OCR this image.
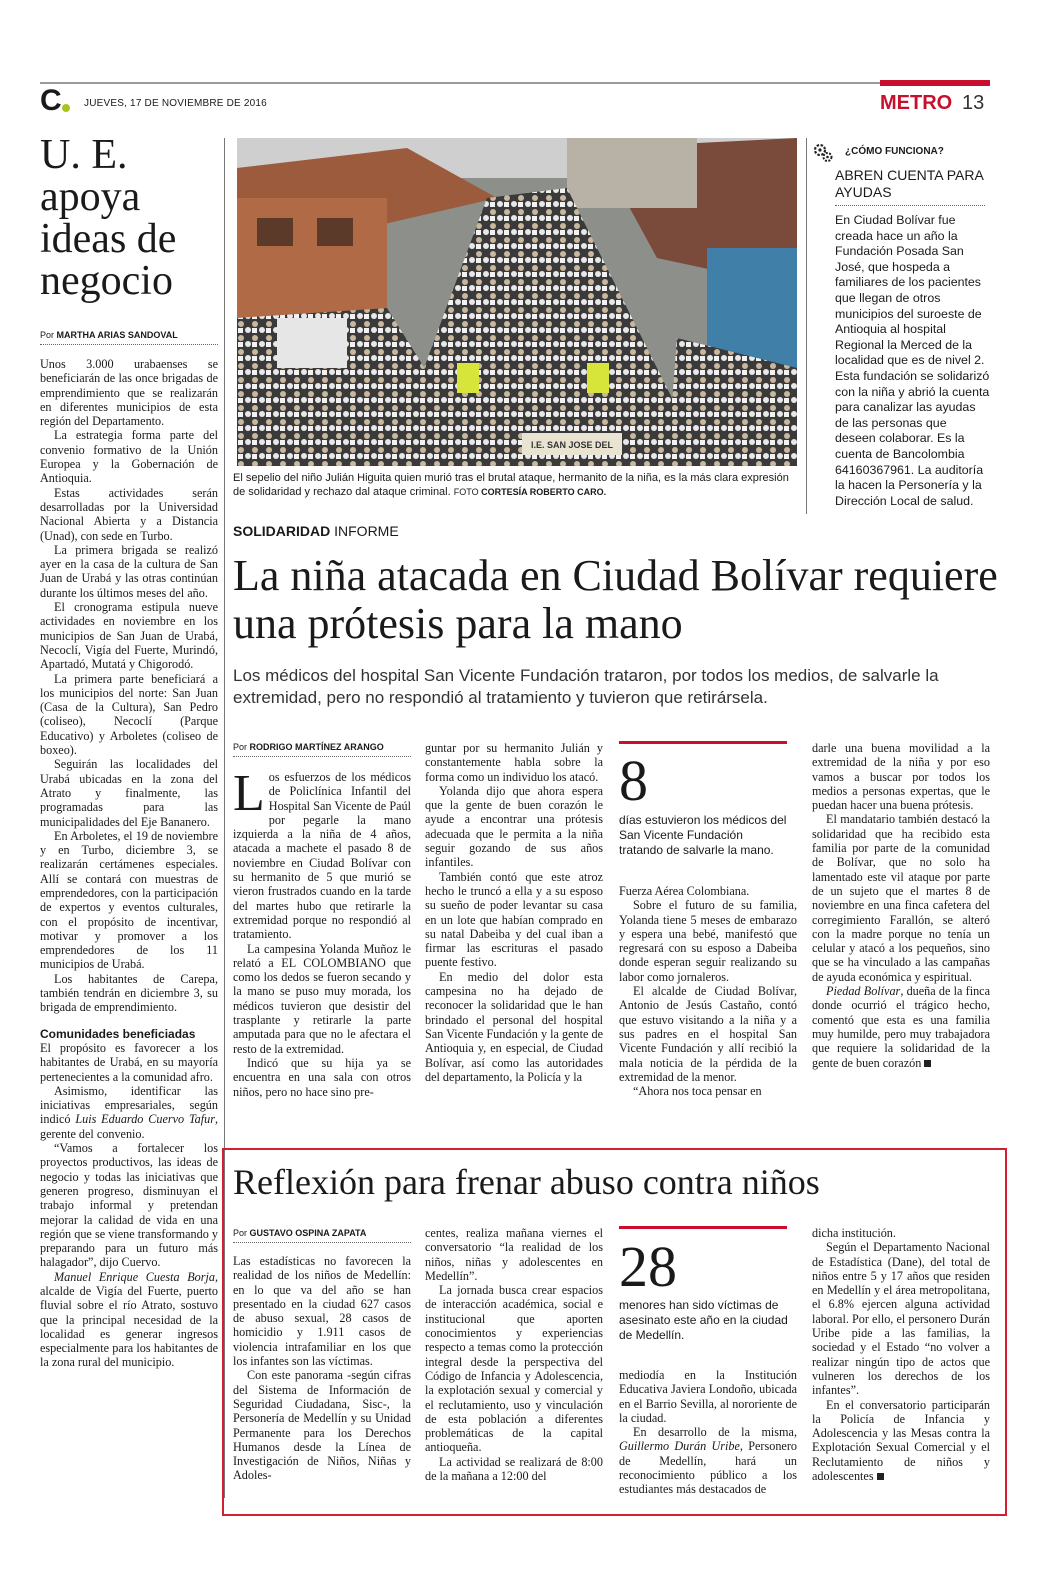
C JUEVES, 17 DE NOVIEMBRE DE 2016	METRO 13
U. E.
apoya
ideas de
negocio
Por MARTHA ARIAS SANDOVAL

Unos 3.000 urabaenses se beneficiarán de las once brigadas de emprendimiento que se realizarán en diferentes municipios de esta región del Departamento.

La estrategia forma parte del convenio formativo de la Unión Europea y la Gobernación de Antioquia.

Estas actividades serán desarrolladas por la Universidad Nacional Abierta y a Distancia (Unad), con sede en Turbo.

La primera brigada se realizó ayer en la casa de la cultura de San Juan de Urabá y las otras continúan durante los últimos meses del año.

El cronograma estipula nueve actividades en noviembre en los municipios de San Juan de Urabá, Necoclí, Vigía del Fuerte, Murindó, Apartadó, Mutatá y Chigorodó.

La primera parte beneficiará a los municipios del norte: San Juan (Casa de la Cultura), San Pedro (coliseo), Necoclí (Parque Educativo) y Arboletes (coliseo de boxeo).

Seguirán las localidades del Urabá ubicadas en la zona del Atrato y finalmente, las programadas para las municipalidades del Eje Bananero.

En Arboletes, el 19 de noviembre y en Turbo, diciembre 3, se realizarán certámenes especiales. Allí se contará con muestras de emprendedores, con la participación de expertos y eventos culturales, con el propósito de incentivar, motivar y promover a los emprendedores de los 11 municipios de Urabá.

Los habitantes de Carepa, también tendrán en diciembre 3, su brigada de emprendimiento.

Comunidades beneficiadas

El propósito es favorecer a los habitantes de Urabá, en su mayoría pertenecientes a la comunidad afro.

Asimismo, identificar las iniciativas empresariales, según indicó Luis Eduardo Cuervo Tafur, gerente del convenio.

“Vamos a fortalecer los proyectos productivos, las ideas de negocio y todas las iniciativas que generen progreso, disminuyan el trabajo informal y pretendan mejorar la calidad de vida en una región que se viene transformando y preparando para un futuro más halagador”, dijo Cuervo.

Manuel Enrique Cuesta Borja, alcalde de Vigía del Fuerte, puerto fluvial sobre el río Atrato, sostuvo que la principal necesidad de la localidad es generar ingresos especialmente para los habitantes de la zona rural del municipio.

I.E. SAN JOSE DEL
El sepelio del niño Julián Higuita quien murió tras el brutal ataque, hermanito de la niña, es la más clara expresión de solidaridad y rechazo dal ataque criminal. FOTO CORTESÍA ROBERTO CARO.
¿CÓMO FUNCIONA?
ABREN CUENTA PARA AYUDAS
En Ciudad Bolívar fue creada hace un año la Fundación Posada San José, que hospeda a familiares de los pacientes que llegan de otros municipios del suroeste de Antioquia al hospital Regional la Merced de la localidad que es de nivel 2. Esta fundación se solidarizó con la niña y abrió la cuenta para canalizar las ayudas de las personas que deseen colaborar. Es la cuenta de Bancolombia 64160367961. La auditoría la hacen la Personería y la Dirección Local de salud.
SOLIDARIDAD INFORME
La niña atacada en Ciudad Bolívar requiere una prótesis para la mano
Los médicos del hospital San Vicente Fundación trataron, por todos los medios, de salvarle la extremidad, pero no respondió al tratamiento y tuvieron que retirársela.
Por RODRIGO MARTÍNEZ ARANGO

Los esfuerzos de los médicos de Policlínica Infantil del Hospital San Vicente de Paúl por pegarle la mano izquierda a la niña de 4 años, atacada a machete el pasado 8 de noviembre en Ciudad Bolívar con su hermanito de 5 que murió se vieron frustrados cuando en la tarde del martes hubo que retirarle la extremidad porque no respondió al tratamiento.

La campesina Yolanda Muñoz le relató a EL COLOMBIANO que como los dedos se fueron secando y la mano se puso muy morada, los médicos tuvieron que desistir del trasplante y retirarle la parte amputada para que no le afectara el resto de la extremidad.

Indicó que su hija ya se encuentra en una sala con otros niños, pero no hace sino pre-

guntar por su hermanito Julián y constantemente habla sobre la forma como un individuo los atacó.

Yolanda dijo que ahora espera que la gente de buen corazón le ayude a encontrar una prótesis adecuada que le permita a la niña seguir gozando de sus años infantiles.

También contó que este atroz hecho le truncó a ella y a su esposo su sueño de poder levantar su casa en un lote que habían comprado en su natal Dabeiba y del cual iban a firmar las escrituras el pasado puente festivo.

En medio del dolor esta campesina no ha dejado de reconocer la solidaridad que le han brindado el personal del hospital San Vicente Fundación y la gente de Antioquia y, en especial, de Ciudad Bolívar, así como las autoridades del departamento, la Policía y la

8
días estuvieron los médicos del San Vicente Fundación tratando de salvarle la mano.

Fuerza Aérea Colombiana.

Sobre el futuro de su familia, Yolanda tiene 5 meses de embarazo y espera una bebé, manifestó que regresará con su esposo a Dabeiba donde esperan seguir realizando su labor como jornaleros.

El alcalde de Ciudad Bolívar, Antonio de Jesús Castaño, contó que estuvo visitando a la niña y a sus padres en el hospital San Vicente Fundación y allí recibió la mala noticia de la pérdida de la extremidad de la menor.

“Ahora nos toca pensar en

darle una buena movilidad a la extremidad de la niña y por eso vamos a buscar por todos los medios a personas expertas, que le puedan hacer una buena prótesis.

El mandatario también destacó la solidaridad que ha recibido esta familia por parte de la comunidad de Bolívar, que no solo ha lamentado este vil ataque por parte de un sujeto que el martes 8 de noviembre en una finca cafetera del corregimiento Farallón, se alteró con la madre porque no tenía un celular y atacó a los pequeños, sino que se ha vinculado a las campañas de ayuda económica y espiritual.

Piedad Bolívar, dueña de la finca donde ocurrió el trágico hecho, comentó que esta es una familia muy humilde, pero muy trabajadora que requiere la solidaridad de la gente de buen corazón

Reflexión para frenar abuso contra niños
Por GUSTAVO OSPINA ZAPATA

Las estadísticas no favorecen la realidad de los niños de Medellín: en lo que va del año se han presentado en la ciudad 627 casos de abuso sexual, 28 casos de homicidio y 1.911 casos de violencia intrafamiliar en los que los infantes son las víctimas.

Con este panorama -según cifras del Sistema de Información de Seguridad Ciudadana, Sisc-, la Personería de Medellín y su Unidad Permanente para los Derechos Humanos desde la Línea de Investigación de Niños, Niñas y Adoles-

centes, realiza mañana viernes el conversatorio “la realidad de los niños, niñas y adolescentes en Medellín”.

La jornada busca crear espacios de interacción académica, social e institucional que aporten conocimientos y experiencias respecto a temas como la protección integral desde la perspectiva del Código de Infancia y Adolescencia, la explotación sexual y comercial y el reclutamiento, uso y vinculación de esta población a diferentes problemáticas de la capital antioqueña.

La actividad se realizará de 8:00 de la mañana a 12:00 del

28
menores han sido víctimas de asesinato este año en la ciudad de Medellín.

mediodía en la Institución Educativa Javiera Londoño, ubicada en el Barrio Sevilla, al nororiente de la ciudad.

En desarrollo de la misma, Guillermo Durán Uribe, Personero de Medellín, hará un reconocimiento público a los estudiantes más destacados de

dicha institución.

Según el Departamento Nacional de Estadística (Dane), del total de niños entre 5 y 17 años que residen en Medellín y el área metropolitana, el 6.8% ejercen alguna actividad laboral. Por ello, el personero Durán Uribe pide a las familias, la sociedad y el Estado “no volver a realizar ningún tipo de actos que vulneren los derechos de los infantes”.

En el conversatorio participarán la Policía de Infancia y Adolescencia y las Mesas contra la Explotación Sexual Comercial y el Reclutamiento de niños y adolescentes
